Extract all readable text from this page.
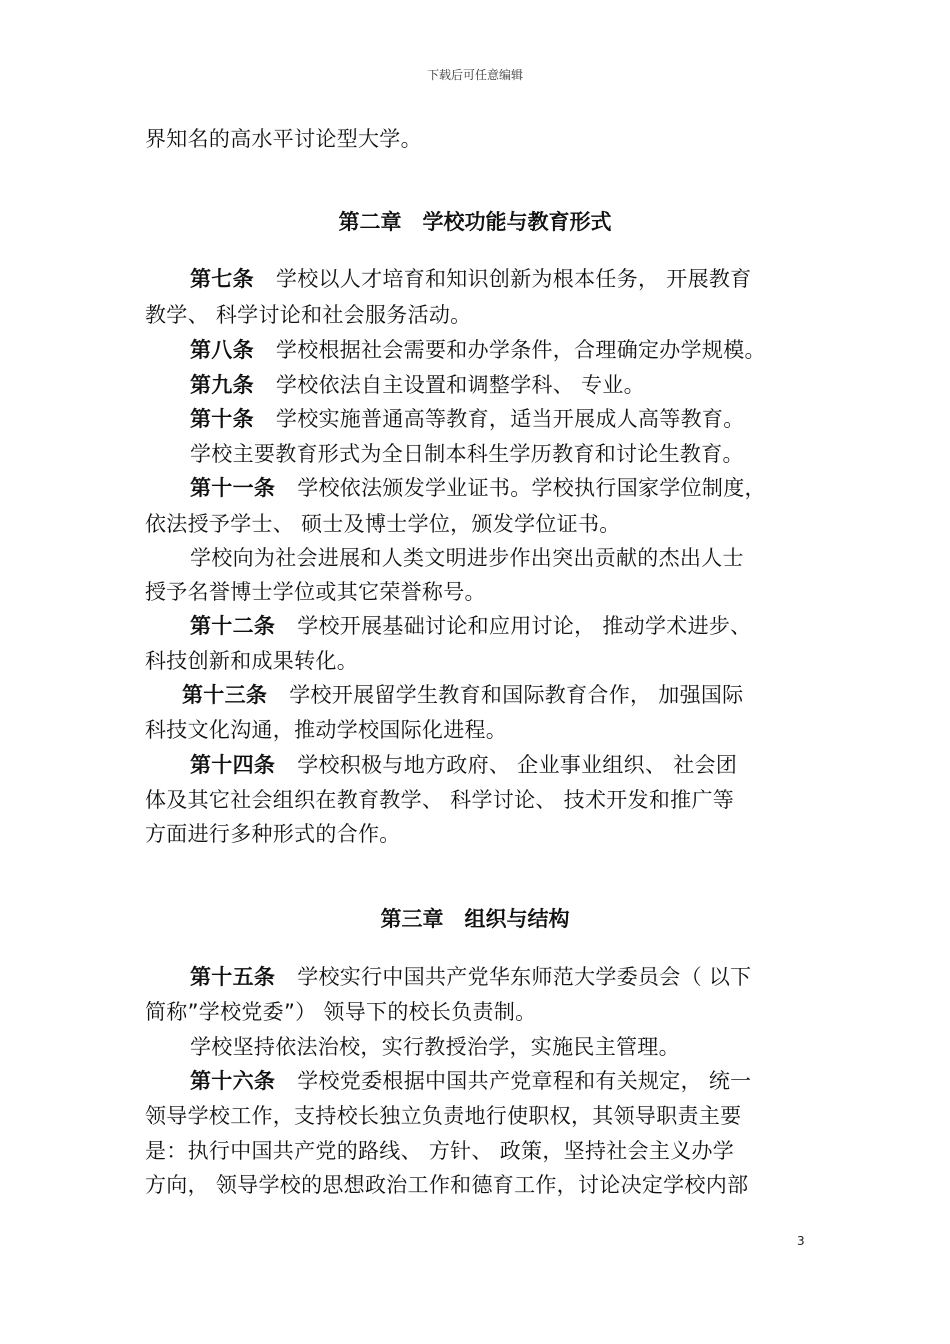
下载后可任意编辑
界知名的高水平讨论型大学。
第二章　学校功能与教育形式
第七条 学校以人才培育和知识创新为根本任务， 开展教育
教学、 科学讨论和社会服务活动。
第八条 学校根据社会需要和办学条件，合理确定办学规模。
第九条 学校依法自主设置和调整学科、 专业。
第十条 学校实施普通高等教育，适当开展成人高等教育。
学校主要教育形式为全日制本科生学历教育和讨论生教育。
第十一条 学校依法颁发学业证书。学校执行国家学位制度，
依法授予学士、 硕士及博士学位，颁发学位证书。
学校向为社会进展和人类文明进步作出突出贡献的杰出人士
授予名誉博士学位或其它荣誉称号。
第十二条 学校开展基础讨论和应用讨论， 推动学术进步、
科技创新和成果转化。
第十三条 学校开展留学生教育和国际教育合作， 加强国际
科技文化沟通，推动学校国际化进程。
第十四条 学校积极与地方政府、 企业事业组织、 社会团
体及其它社会组织在教育教学、 科学讨论、 技术开发和推广等
方面进行多种形式的合作。
第三章　组织与结构
第十五条 学校实行中国共产党华东师范大学委员会（ 以下
简称”学校党委”） 领导下的校长负责制。
学校坚持依法治校，实行教授治学，实施民主管理。
第十六条 学校党委根据中国共产党章程和有关规定， 统一
领导学校工作，支持校长独立负责地行使职权，其领导职责主要
是：执行中国共产党的路线、 方针、 政策，坚持社会主义办学
方向， 领导学校的思想政治工作和德育工作，讨论决定学校内部
3
